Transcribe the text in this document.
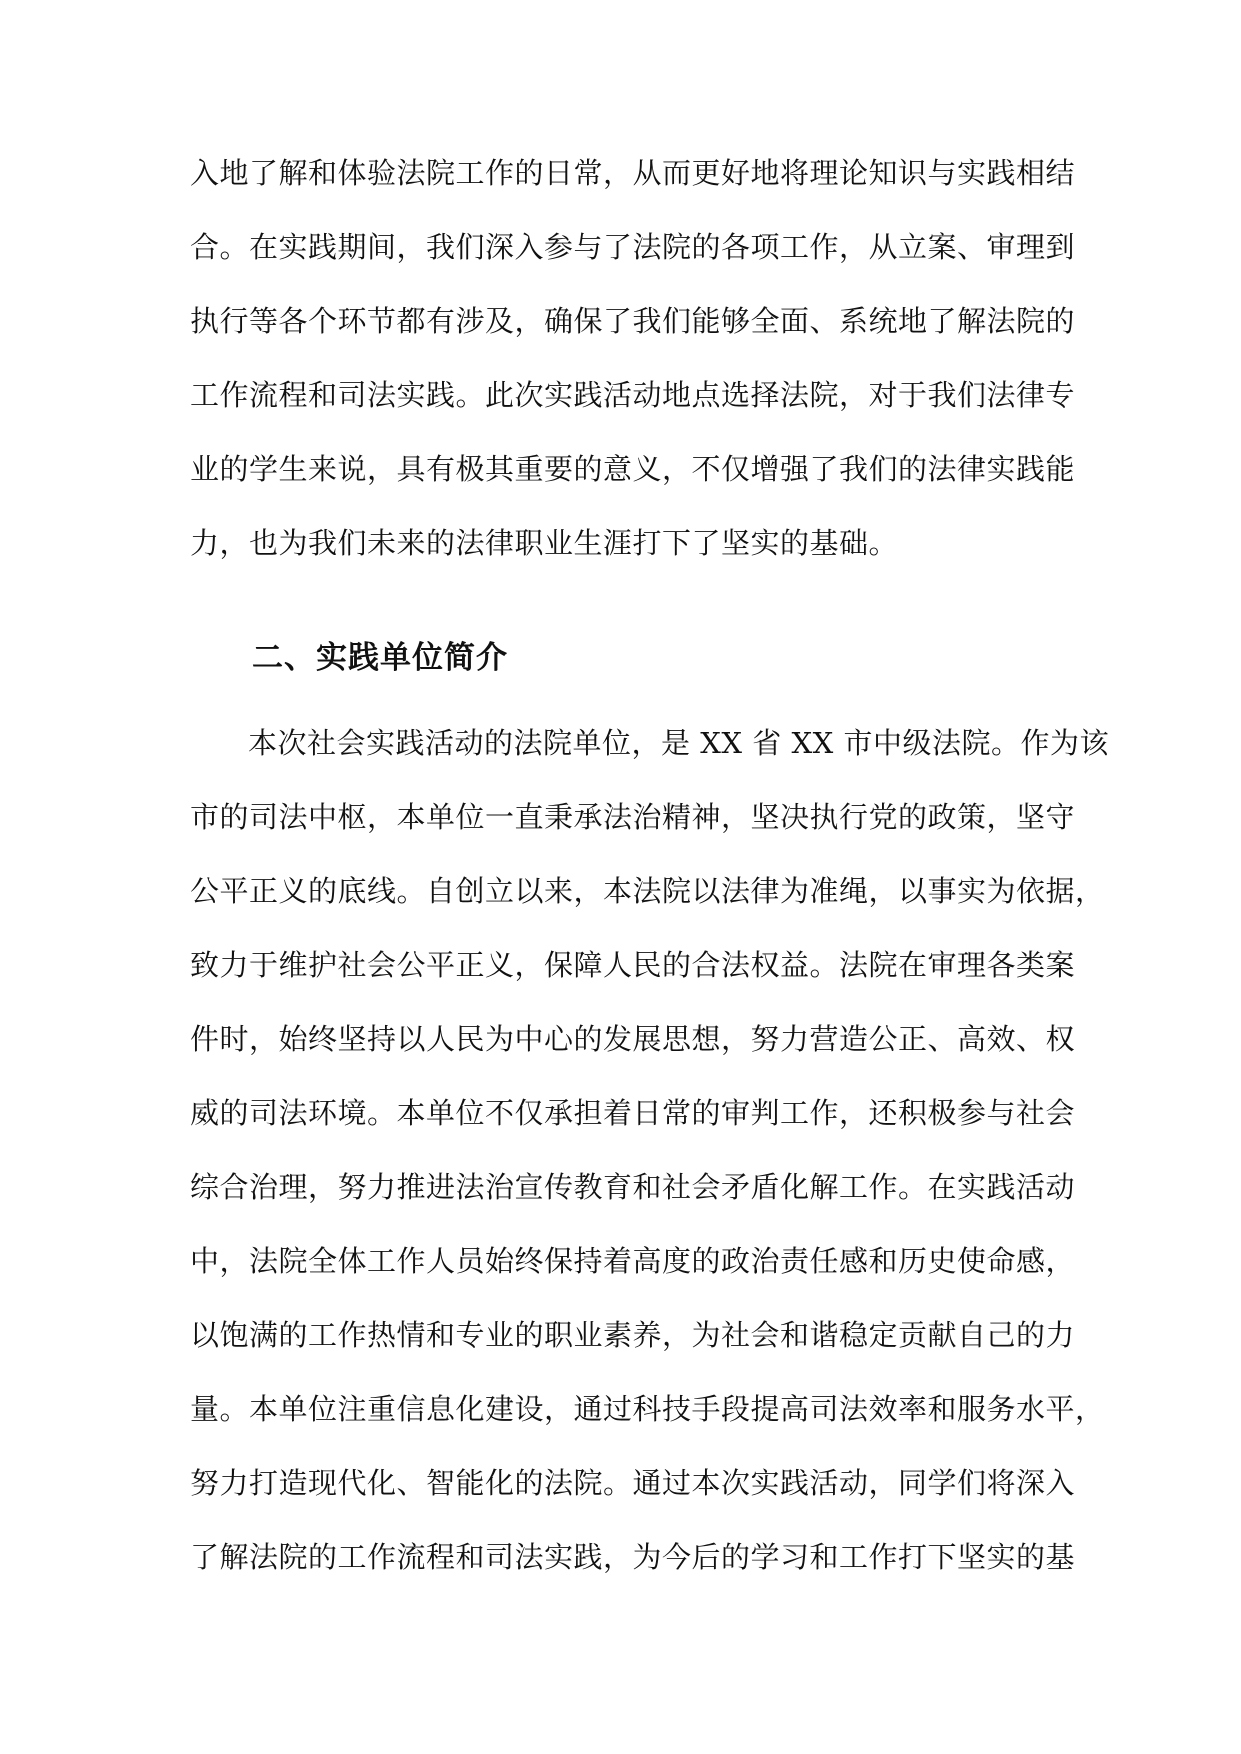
入地了解和体验法院工作的日常，从而更好地将理论知识与实践相结
合。在实践期间，我们深入参与了法院的各项工作，从立案、审理到
执行等各个环节都有涉及，确保了我们能够全面、系统地了解法院的
工作流程和司法实践。此次实践活动地点选择法院，对于我们法律专
业的学生来说，具有极其重要的意义，不仅增强了我们的法律实践能
力，也为我们未来的法律职业生涯打下了坚实的基础。
二、实践单位简介
本次社会实践活动的法院单位，是 XX 省 XX 市中级法院。作为该
市的司法中枢，本单位一直秉承法治精神，坚决执行党的政策，坚守
公平正义的底线。自创立以来，本法院以法律为准绳，以事实为依据，
致力于维护社会公平正义，保障人民的合法权益。法院在审理各类案
件时，始终坚持以人民为中心的发展思想，努力营造公正、高效、权
威的司法环境。本单位不仅承担着日常的审判工作，还积极参与社会
综合治理，努力推进法治宣传教育和社会矛盾化解工作。在实践活动
中，法院全体工作人员始终保持着高度的政治责任感和历史使命感，
以饱满的工作热情和专业的职业素养，为社会和谐稳定贡献自己的力
量。本单位注重信息化建设，通过科技手段提高司法效率和服务水平，
努力打造现代化、智能化的法院。通过本次实践活动，同学们将深入
了解法院的工作流程和司法实践，为今后的学习和工作打下坚实的基
